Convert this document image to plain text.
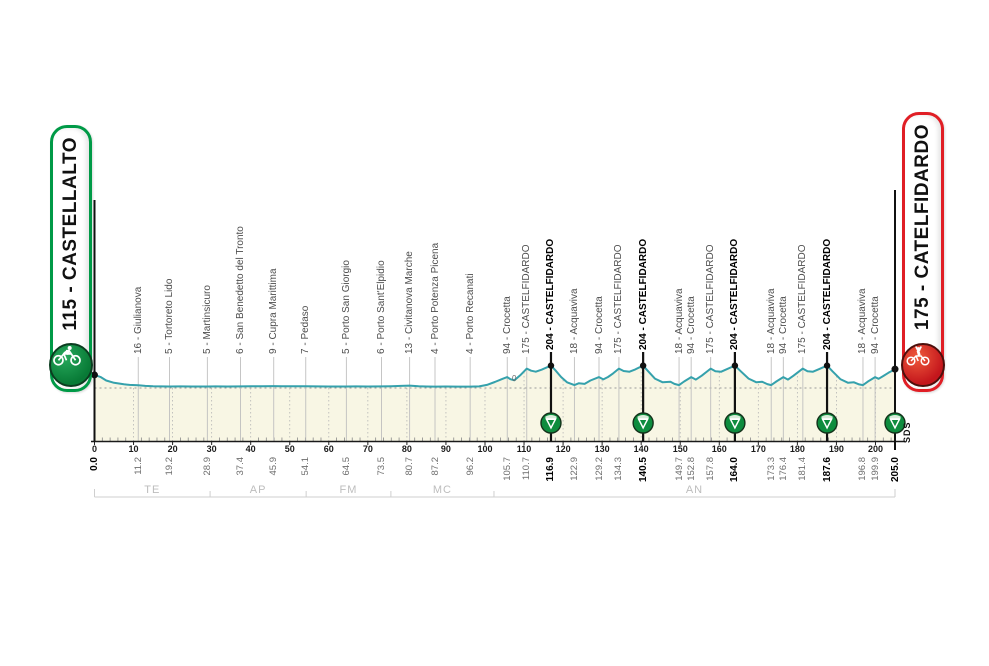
0	10	20	30	40	50	60	70	80	90	100	110	120	130	140	150	160	170	180	190	200
16 - Giulianova 5 - Tortoreto Lido	5 - Martinsicuro 6 - San Benedetto del Tronto 9 - Cupra Marittima 7 - Pedaso	5 - Porto San Giorgio 6 - Porto Sant'Elpidio 13 - Civitanova Marche 4 - Porto Potenza Picena 4 - Porto Recanati	94 - Crocetta 175 - CASTELFIDARDO 204 - CASTELFIDARDO 18 - Acquaviva 94 - Crocetta 175 - CASTELFIDARDO 204 - CASTELFIDARDO 18 - Acquaviva 94 - Crocetta 175 - CASTELFIDARDO 204 - CASTELFIDARDO	18 - Acquaviva 94 - Crocetta 175 - CASTELFIDARDO 204 - CASTELFIDARDO 18 - Acquaviva 94 - Crocetta
0.0	11.2 19.2	28.9 37.4 45.9 54.1	64.5	73.5 80.7 87.2	96.2	105.7 110.7 116.9 122.9 129.2 134.3 140.5	149.7 152.8 157.8 164.0	173.3 176.4 181.4 187.6	196.8 199.9 205.0
TE	AP	FM	MC	AN
115 - CASTELLALTO	175 - CATELFIDARDO
0
SDS
